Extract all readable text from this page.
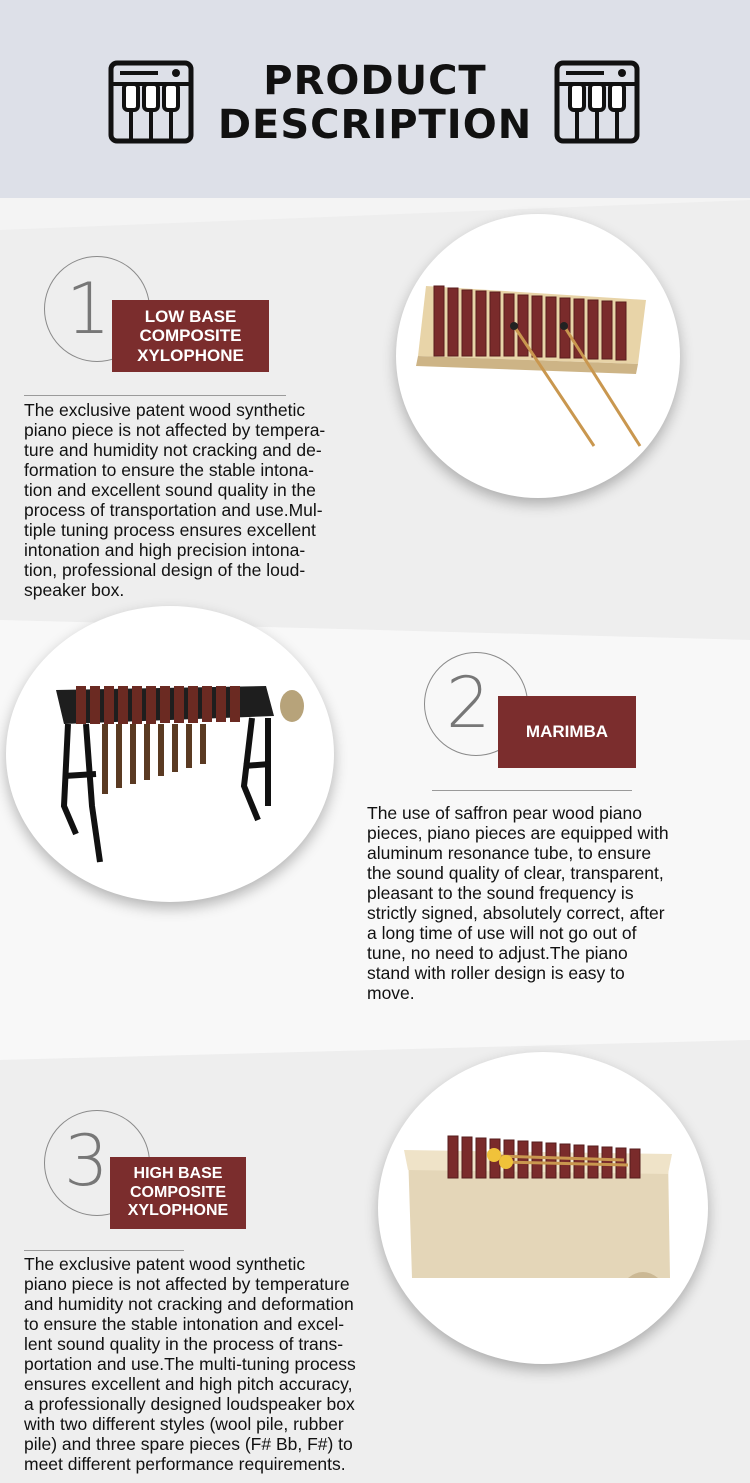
PRODUCT
DESCRIPTION
1	LOW BASE
COMPOSITE
XYLOPHONE
The exclusive patent wood synthetic
piano piece is not affected by tempera-
ture and humidity not cracking and de-
formation to ensure the stable intona-
tion and excellent sound quality in the
process of transportation and use.Mul-
tiple tuning process ensures excellent
intonation and high precision intona-
tion, professional design of the loud-
speaker box.
2	MARIMBA
The use of saffron pear wood piano
pieces, piano pieces are equipped with
aluminum resonance tube, to ensure
the sound quality of clear, transparent,
pleasant to the sound frequency is
strictly signed, absolutely correct, after
a long time of use will not go out of
tune, no need to adjust.The piano
stand with roller design is easy to
move.
3	HIGH BASE
COMPOSITE
XYLOPHONE
The exclusive patent wood synthetic
piano piece is not affected by temperature
and humidity not cracking and deformation
to ensure the stable intonation and excel-
lent sound quality in the process of trans-
portation and use.The multi-tuning process
ensures excellent and high pitch accuracy,
a professionally designed loudspeaker box
with two different styles (wool pile, rubber
pile) and three spare pieces (F# Bb, F#) to
meet different performance requirements.
